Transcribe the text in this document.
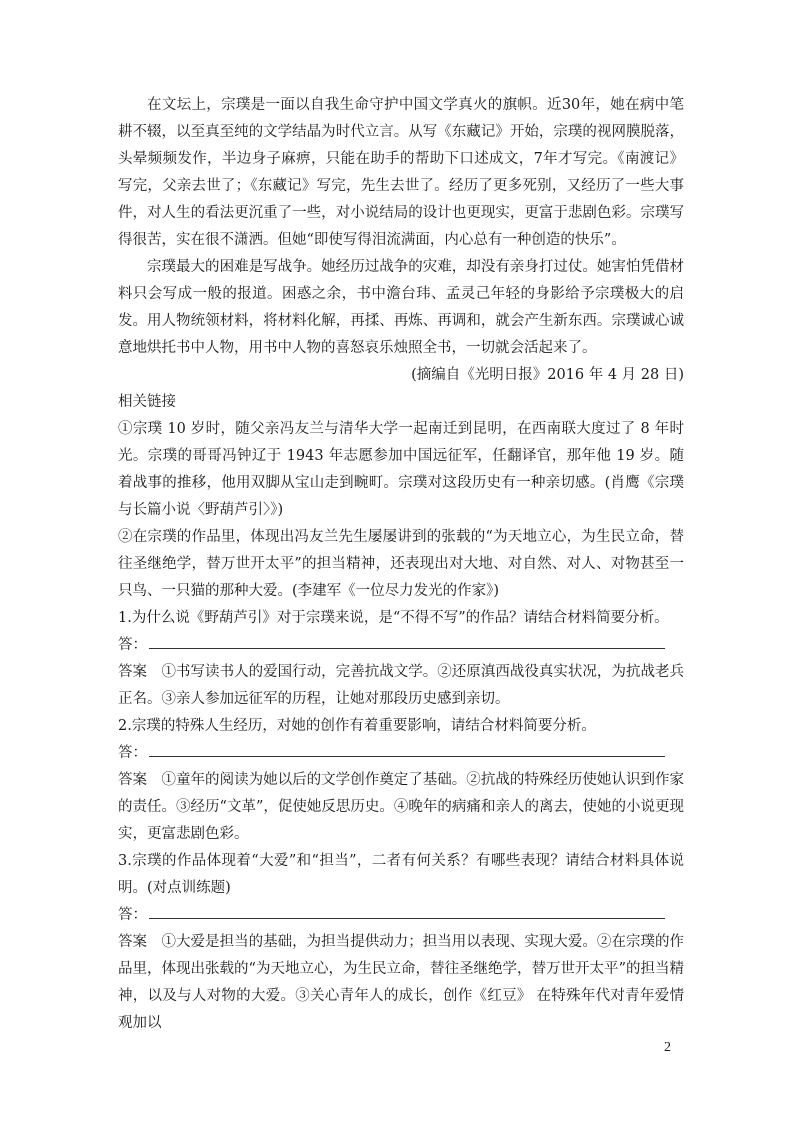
在文坛上，宗璞是一面以自我生命守护中国文学真火的旗帜。近30年，她在病中笔耕不辍，以至真至纯的文学结晶为时代立言。从写《东藏记》开始，宗璞的视网膜脱落，头晕频频发作，半边身子麻痹，只能在助手的帮助下口述成文，7年才写完。《南渡记》写完，父亲去世了；《东藏记》写完，先生去世了。经历了更多死别，又经历了一些大事件，对人生的看法更沉重了一些，对小说结局的设计也更现实，更富于悲剧色彩。宗璞写得很苦，实在很不潇洒。但她“即使写得泪流满面，内心总有一种创造的快乐”。

宗璞最大的困难是写战争。她经历过战争的灾难，却没有亲身打过仗。她害怕凭借材料只会写成一般的报道。困惑之余，书中澹台玮、孟灵己年轻的身影给予宗璞极大的启发。用人物统领材料，将材料化解，再揉、再炼、再调和，就会产生新东西。宗璞诚心诚意地烘托书中人物，用书中人物的喜怒哀乐烛照全书，一切就会活起来了。

(摘编自《光明日报》2016 年 4 月 28 日)

相关链接

①宗璞 10 岁时，随父亲冯友兰与清华大学一起南迁到昆明，在西南联大度过了 8 年时光。宗璞的哥哥冯钟辽于 1943 年志愿参加中国远征军，任翻译官，那年他 19 岁。随着战事的推移，他用双脚从宝山走到畹町。宗璞对这段历史有一种亲切感。(肖鹰《宗璞与长篇小说〈野葫芦引〉》)

②在宗璞的作品里，体现出冯友兰先生屡屡讲到的张载的“为天地立心，为生民立命，替往圣继绝学，替万世开太平”的担当精神，还表现出对大地、对自然、对人、对物甚至一只鸟、一只猫的那种大爱。(李建军《一位尽力发光的作家》)

1.为什么说《野葫芦引》对于宗璞来说，是“不得不写”的作品？请结合材料简要分析。

答：

答案 ①书写读书人的爱国行动，完善抗战文学。②还原滇西战役真实状况，为抗战老兵正名。③亲人参加远征军的历程，让她对那段历史感到亲切。

2.宗璞的特殊人生经历，对她的创作有着重要影响，请结合材料简要分析。

答：

答案 ①童年的阅读为她以后的文学创作奠定了基础。②抗战的特殊经历使她认识到作家的责任。③经历“文革”，促使她反思历史。④晚年的病痛和亲人的离去，使她的小说更现实，更富悲剧色彩。

3.宗璞的作品体现着“大爱”和“担当”，二者有何关系？有哪些表现？请结合材料具体说明。(对点训练题)

答：

答案 ①大爱是担当的基础，为担当提供动力；担当用以表现、实现大爱。②在宗璞的作品里，体现出张载的“为天地立心，为生民立命，替往圣继绝学，替万世开太平”的担当精神，以及与人对物的大爱。③关心青年人的成长，创作《红豆》 在特殊年代对青年爱情观加以

2
